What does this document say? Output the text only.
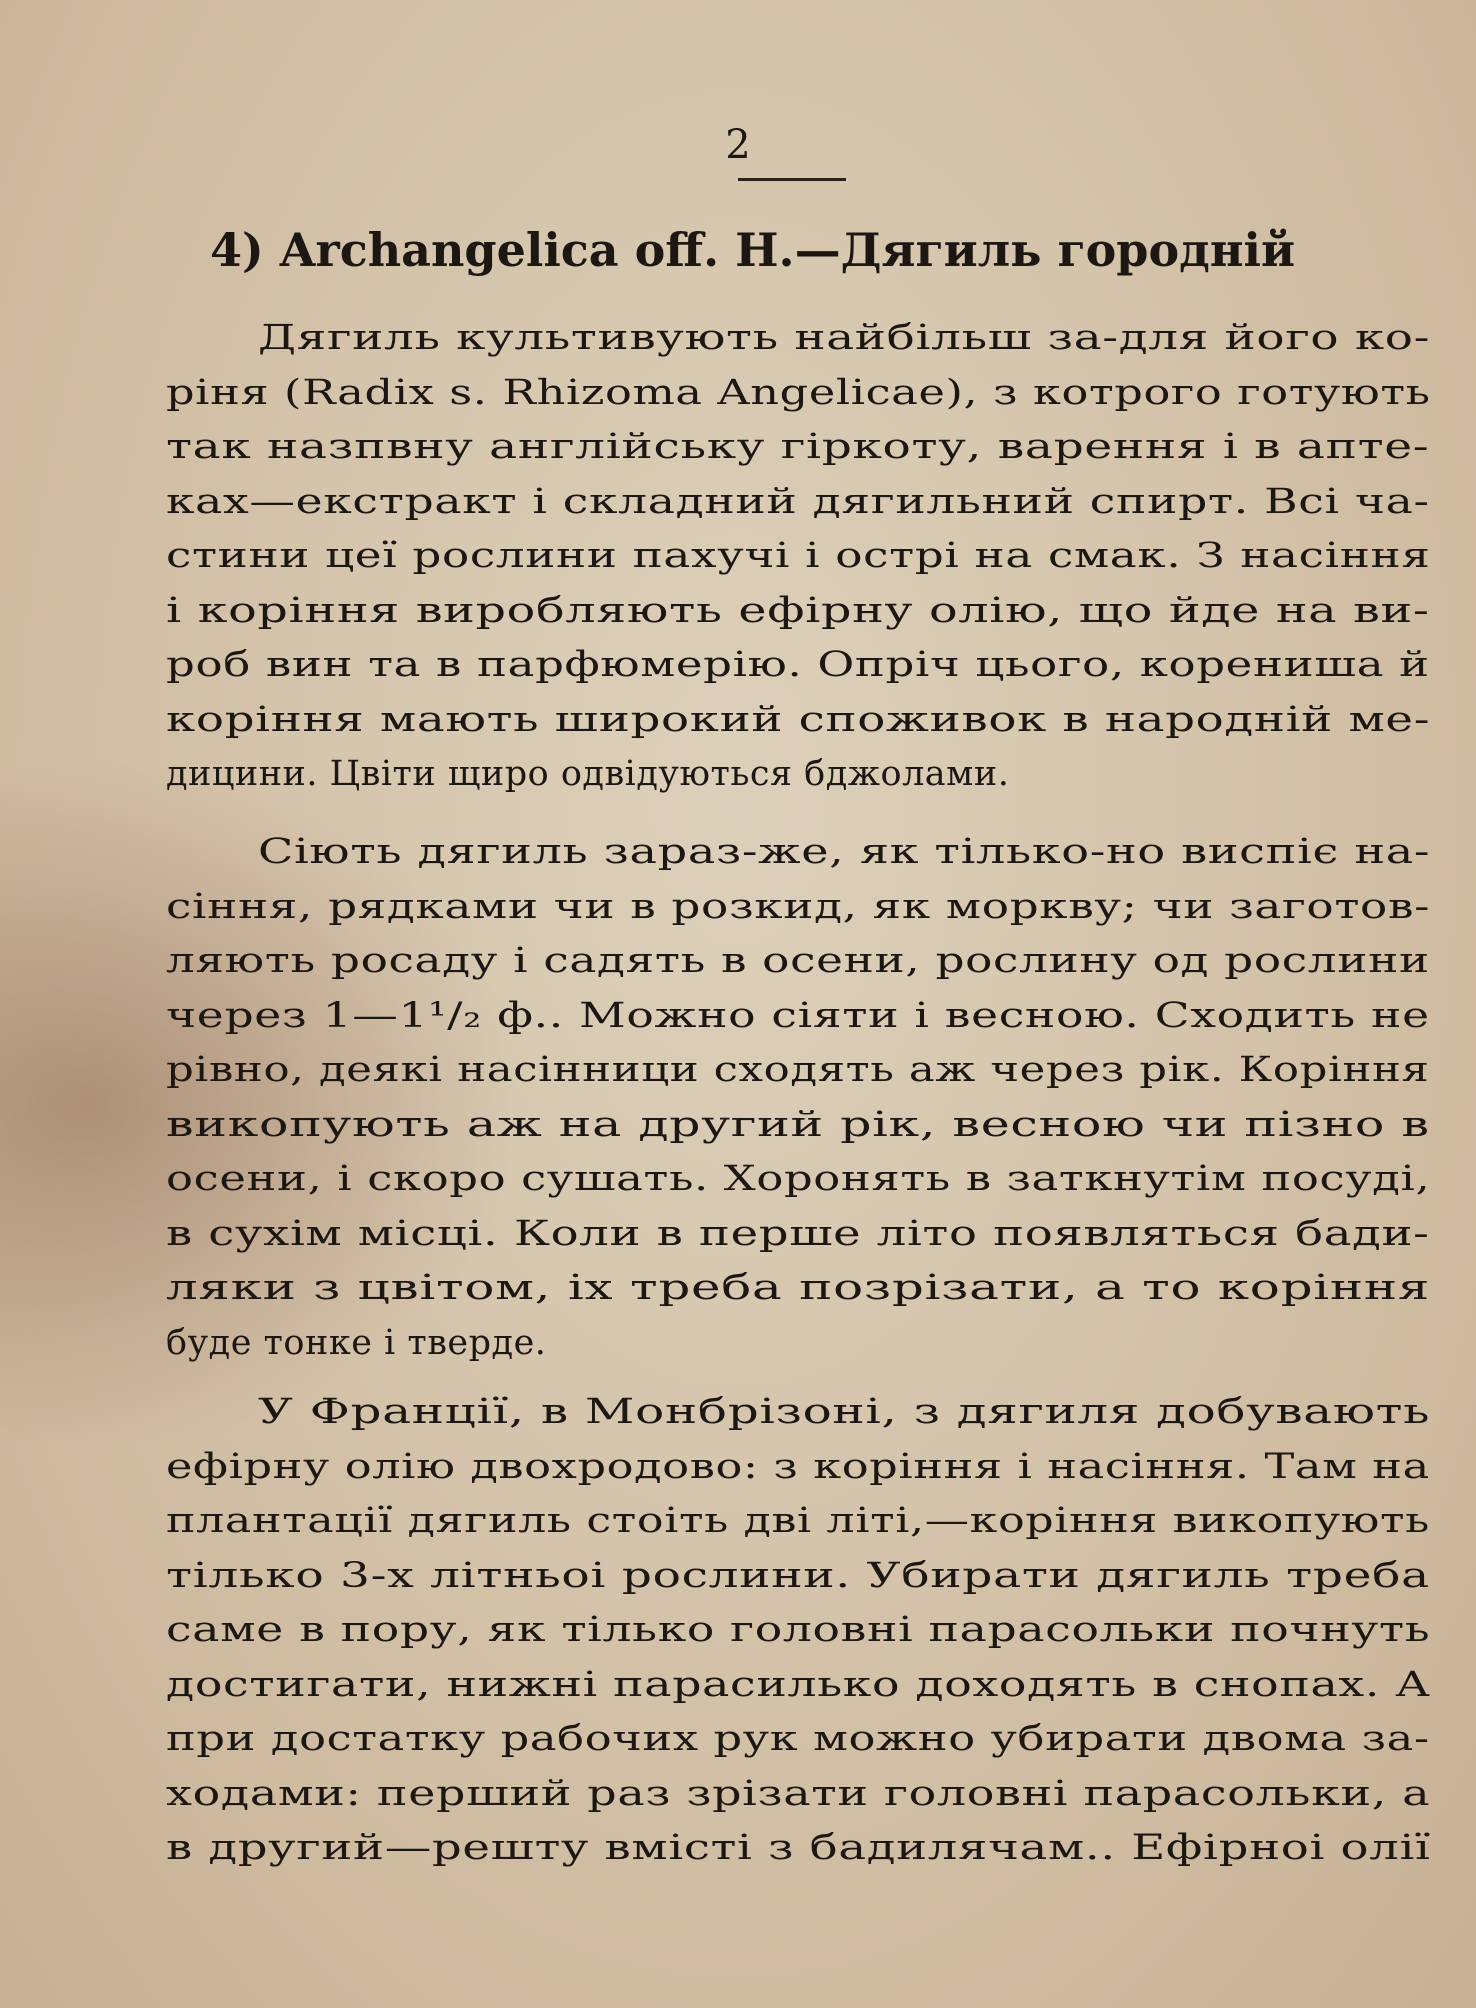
2
4) Archangelica off. H.—Дягиль городній
Дягиль культивують найбільш за-для його ко-
ріня (Radix s. Rhizoma Angelicae), з котрого готують
так назпвну англійську гіркоту, варення і в апте-
ках—екстракт і складний дягильний спирт. Всі ча-
стини цеї рослини пахучі і острі на смак. З насіння
і коріння виробляють ефірну олію, що йде на ви-
роб вин та в парфюмерію. Опріч цього, корениша й
коріння мають широкий споживок в народній ме-
дицини. Цвіти щиро одвідуються бджолами.
Сіють дягиль зараз-же, як тілько-но виспіє на-
сіння, рядками чи в розкид, як моркву; чи заготов-
ляють росаду і садять в осени, рослину од рослини
через 1—1¹/₂ ф.. Можно сіяти і весною. Сходить не
рівно, деякі насінници сходять аж через рік. Коріння
викопують аж на другий рік, весною чи пізно в
осени, і скоро сушать. Хоронять в заткнутім посуді,
в сухім місці. Коли в перше літо появляться бади-
ляки з цвітом, іх треба позрізати, а то коріння
буде тонке і тверде.
У Франції, в Монбрізоні, з дягиля добувають
ефірну олію двохродово: з коріння і насіння. Там на
плантації дягиль стоіть дві літі,—коріння викопують
тілько 3-х літньоі рослини. Убирати дягиль треба
саме в пору, як тілько головні парасольки почнуть
достигати, нижні парасилько доходять в снопах. А
при достатку рабочих рук можно убирати двома за-
ходами: перший раз зрізати головні парасольки, а
в другий—решту вмісті з бадилячам.. Ефірноі олії
